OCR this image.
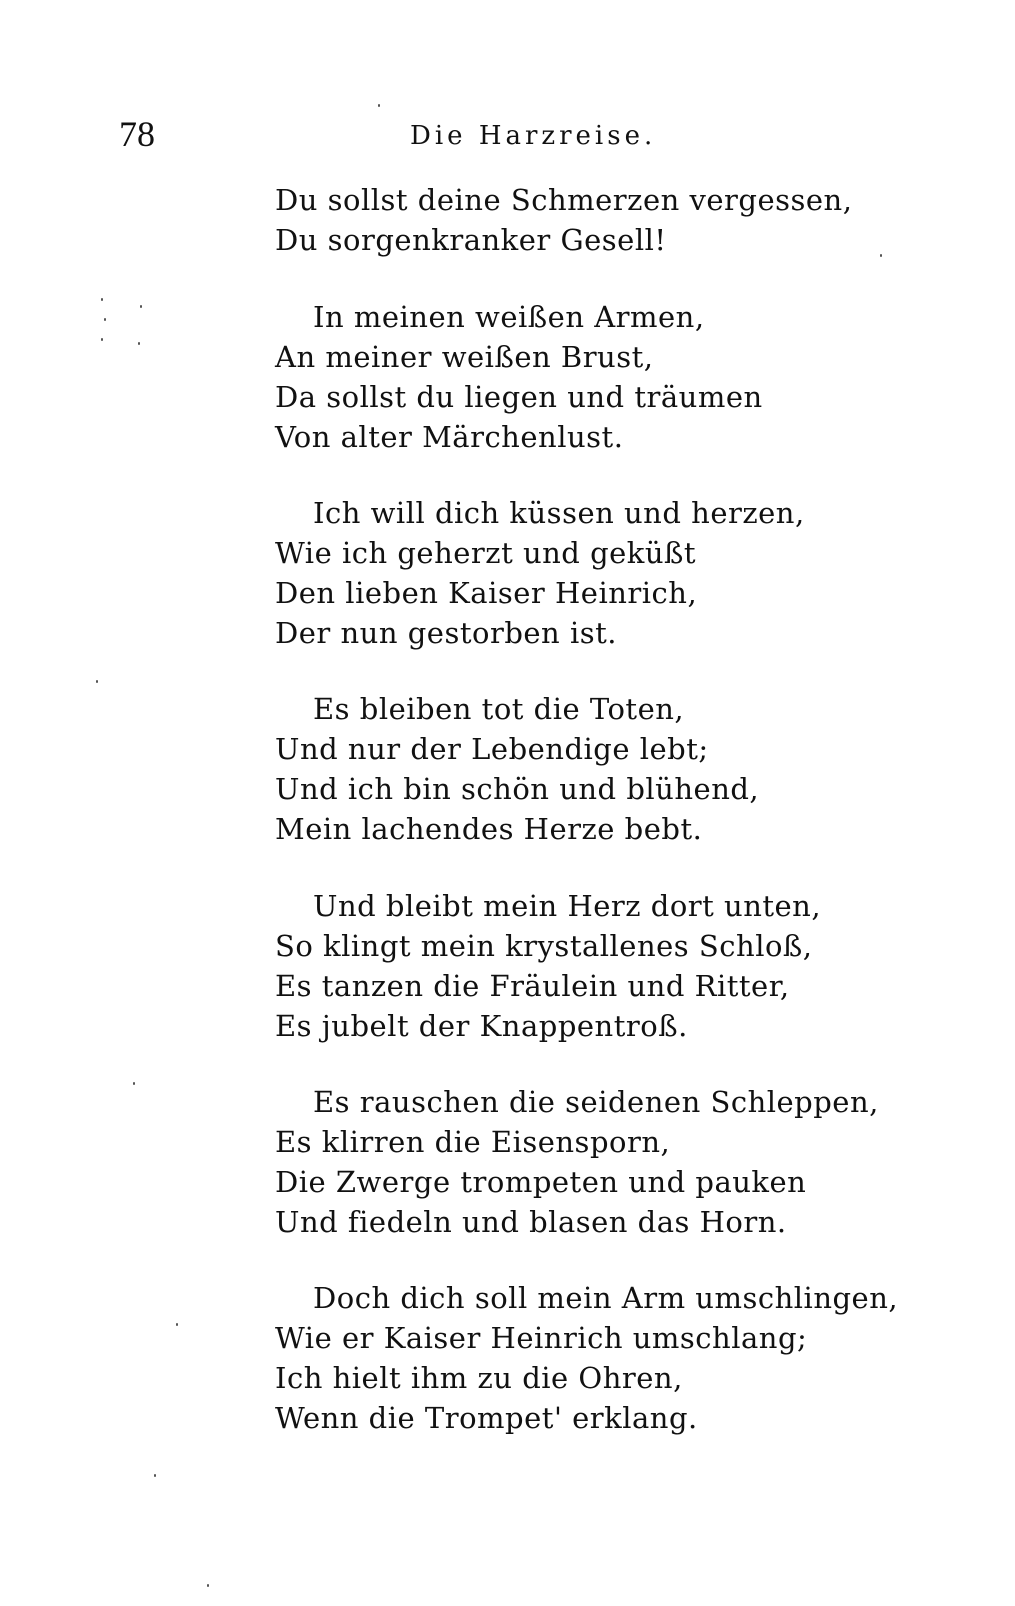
78	Die Harzreise.
Du sollst deine Schmerzen vergessen,
Du sorgenkranker Gesell!
In meinen weißen Armen,
An meiner weißen Brust,
Da sollst du liegen und träumen
Von alter Märchenlust.
Ich will dich küssen und herzen,
Wie ich geherzt und geküßt
Den lieben Kaiser Heinrich,
Der nun gestorben ist.
Es bleiben tot die Toten,
Und nur der Lebendige lebt;
Und ich bin schön und blühend,
Mein lachendes Herze bebt.
Und bleibt mein Herz dort unten,
So klingt mein krystallenes Schloß,
Es tanzen die Fräulein und Ritter,
Es jubelt der Knappentroß.
Es rauschen die seidenen Schleppen,
Es klirren die Eisensporn,
Die Zwerge trompeten und pauken
Und fiedeln und blasen das Horn.
Doch dich soll mein Arm umschlingen,
Wie er Kaiser Heinrich umschlang;
Ich hielt ihm zu die Ohren,
Wenn die Trompet' erklang.
